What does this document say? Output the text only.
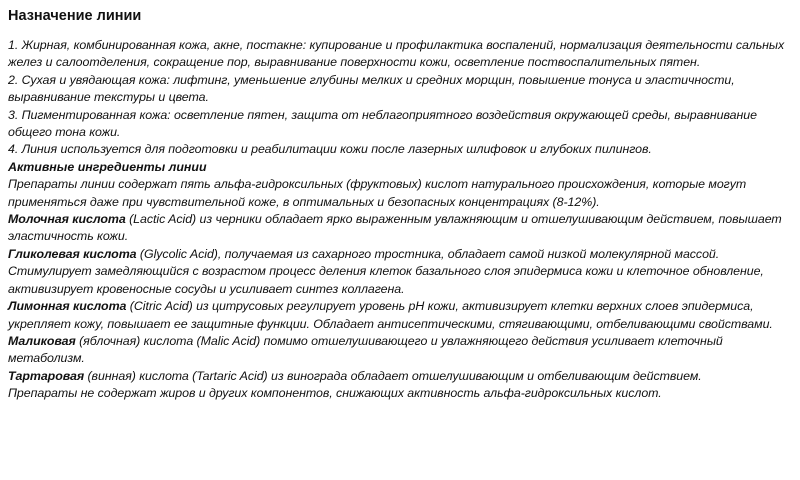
Назначение линии

1. Жирная, комбинированная кожа, акне, постакне: купирование и профилактика воспалений, нормализация деятельности сальных желез и салоотделения, сокращение пор, выравнивание поверхности кожи, осветление поствоспалительных пятен.

2. Сухая и увядающая кожа: лифтинг, уменьшение глубины мелких и средних морщин, повышение тонуса и эластичности, выравнивание текстуры и цвета.

3. Пигментированная кожа: осветление пятен, защита от неблагоприятного воздействия окружающей среды, выравнивание общего тона кожи.

4. Линия используется для подготовки и реабилитации кожи после лазерных шлифовок и глубоких пилингов.

Активные ингредиенты линии

Препараты линии содержат пять альфа-гидроксильных (фруктовых) кислот натурального происхождения, которые могут применяться даже при чувствительной коже, в оптимальных и безопасных концентрациях (8-12%).

Молочная кислота (Lactic Acid) из черники обладает ярко выраженным увлажняющим и отшелушивающим действием, повышает эластичность кожи.

Гликолевая кислота (Glycolic Acid), получаемая из сахарного тростника, обладает самой низкой молекулярной массой. Стимулирует замедляющийся с возрастом процесс деления клеток базального слоя эпидермиса кожи и клеточное обновление, активизирует кровеносные сосуды и усиливает синтез коллагена.

Лимонная кислота (Citric Acid) из цитрусовых регулирует уровень pH кожи, активизирует клетки верхних слоев эпидермиса, укрепляет кожу, повышает ее защитные функции. Обладает антисептическими, стягивающими, отбеливающими свойствами.

Маликовая (яблочная) кислота (Malic Acid) помимо отшелушивающего и увлажняющего действия усиливает клеточный метаболизм.

Тартаровая (винная) кислота (Tartaric Acid) из винограда обладает отшелушивающим и отбеливающим действием.

Препараты не содержат жиров и других компонентов, снижающих активность альфа-гидроксильных кислот.
